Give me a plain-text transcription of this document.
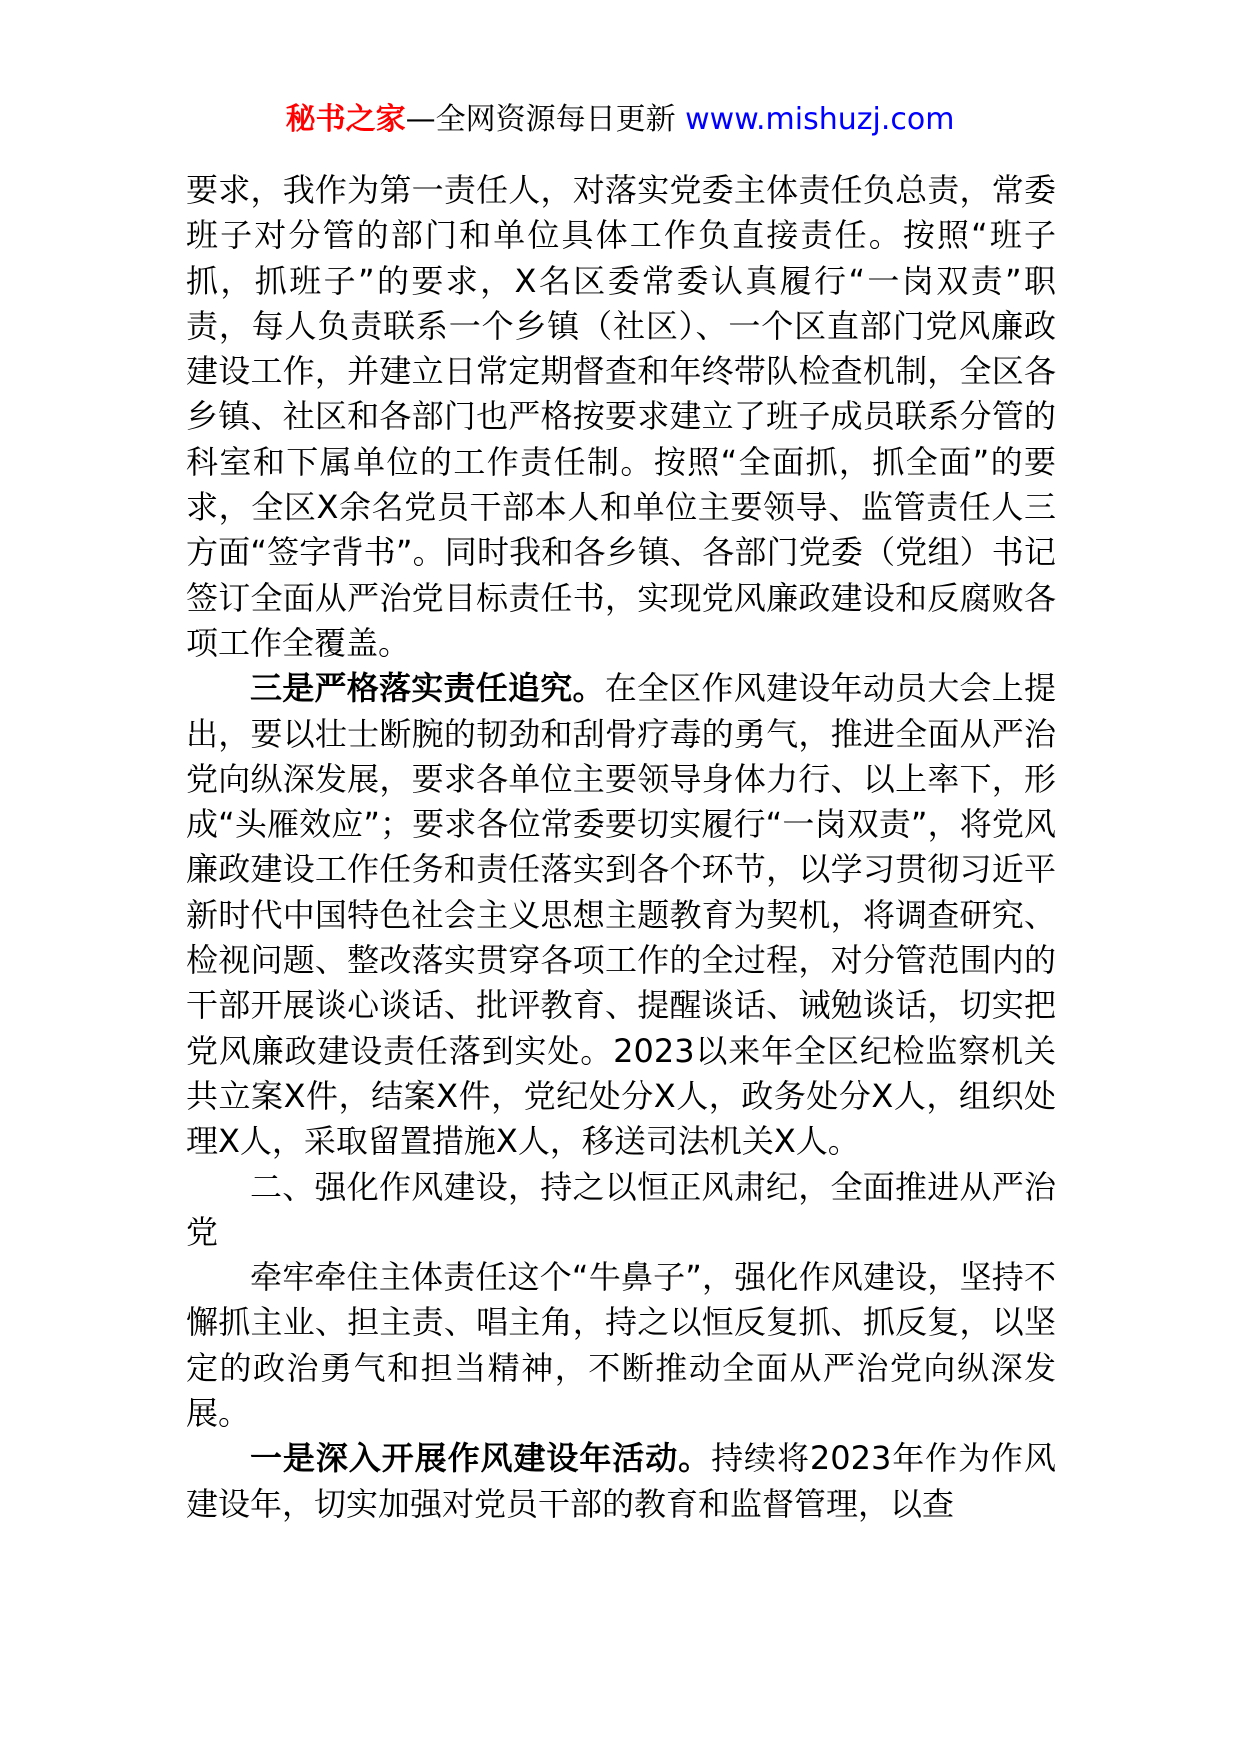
秘书之家—全网资源每日更新 www.mishuzj.com

要求，我作为第一责任人，对落实党委主体责任负总责，常委班子对分管的部门和单位具体工作负直接责任。按照“班子抓，抓班子”的要求，X名区委常委认真履行“一岗双责”职责，每人负责联系一个乡镇（社区）、一个区直部门党风廉政建设工作，并建立日常定期督查和年终带队检查机制，全区各乡镇、社区和各部门也严格按要求建立了班子成员联系分管的科室和下属单位的工作责任制。按照“全面抓，抓全面”的要求，全区X余名党员干部本人和单位主要领导、监管责任人三方面“签字背书”。同时我和各乡镇、各部门党委（党组）书记签订全面从严治党目标责任书，实现党风廉政建设和反腐败各项工作全覆盖。

三是严格落实责任追究。在全区作风建设年动员大会上提出，要以壮士断腕的韧劲和刮骨疗毒的勇气，推进全面从严治党向纵深发展，要求各单位主要领导身体力行、以上率下，形成“头雁效应”；要求各位常委要切实履行“一岗双责”，将党风廉政建设工作任务和责任落实到各个环节，以学习贯彻习近平新时代中国特色社会主义思想主题教育为契机，将调查研究、检视问题、整改落实贯穿各项工作的全过程，对分管范围内的干部开展谈心谈话、批评教育、提醒谈话、诫勉谈话，切实把党风廉政建设责任落到实处。2023以来年全区纪检监察机关共立案X件，结案X件，党纪处分X人，政务处分X人，组织处理X人，采取留置措施X人，移送司法机关X人。

二、强化作风建设，持之以恒正风肃纪，全面推进从严治党

牵牢牵住主体责任这个“牛鼻子”，强化作风建设，坚持不懈抓主业、担主责、唱主角，持之以恒反复抓、抓反复，以坚定的政治勇气和担当精神，不断推动全面从严治党向纵深发展。

一是深入开展作风建设年活动。持续将2023年作为作风建设年，切实加强对党员干部的教育和监督管理，以查
